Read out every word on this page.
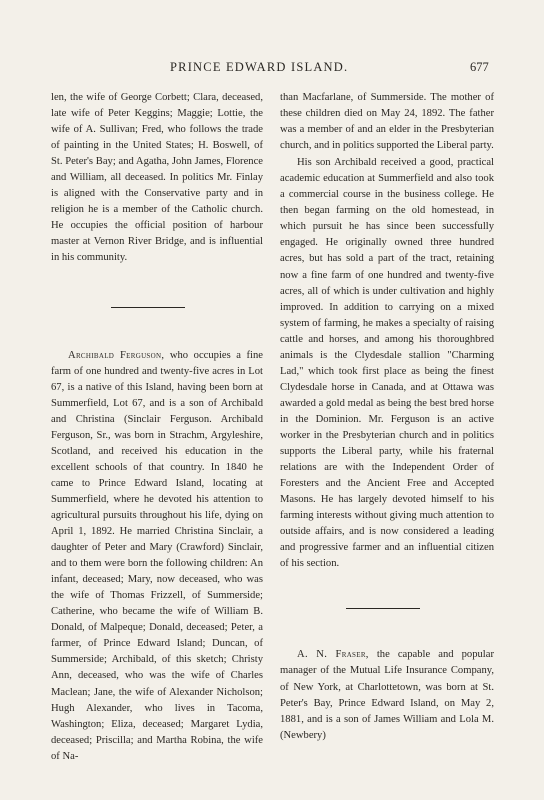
PRINCE EDWARD ISLAND.	677

len, the wife of George Corbett; Clara, deceased, late wife of Peter Keggins; Maggie; Lottie, the wife of A. Sullivan; Fred, who follows the trade of painting in the United States; H. Boswell, of St. Peter's Bay; and Agatha, John James, Florence and William, all deceased. In politics Mr. Finlay is aligned with the Conservative party and in religion he is a member of the Catholic church. He occupies the official position of harbour master at Vernon River Bridge, and is influential in his community.

Archibald Ferguson, who occupies a fine farm of one hundred and twenty-five acres in Lot 67, is a native of this Island, having been born at Summerfield, Lot 67, and is a son of Archibald and Christina (Sinclair Ferguson. Archibald Ferguson, Sr., was born in Strachm, Argyleshire, Scotland, and received his education in the excellent schools of that country. In 1840 he came to Prince Edward Island, locating at Summerfield, where he devoted his attention to agricultural pursuits throughout his life, dying on April 1, 1892. He married Christina Sinclair, a daughter of Peter and Mary (Crawford) Sinclair, and to them were born the following children: An infant, deceased; Mary, now deceased, who was the wife of Thomas Frizzell, of Summerside; Catherine, who became the wife of William B. Donald, of Malpeque; Donald, deceased; Peter, a farmer, of Prince Edward Island; Duncan, of Summerside; Archibald, of this sketch; Christy Ann, deceased, who was the wife of Charles Maclean; Jane, the wife of Alexander Nicholson; Hugh Alexander, who lives in Tacoma, Washington; Eliza, deceased; Margaret Lydia, deceased; Priscilla; and Martha Robina, the wife of Na-

than Macfarlane, of Summerside. The mother of these children died on May 24, 1892. The father was a member of and an elder in the Presbyterian church, and in politics supported the Liberal party.

His son Archibald received a good, practical academic education at Summerfield and also took a commercial course in the business college. He then began farming on the old homestead, in which pursuit he has since been successfully engaged. He originally owned three hundred acres, but has sold a part of the tract, retaining now a fine farm of one hundred and twenty-five acres, all of which is under cultivation and highly improved. In addition to carrying on a mixed system of farming, he makes a specialty of raising cattle and horses, and among his thoroughbred animals is the Clydesdale stallion "Charming Lad," which took first place as being the finest Clydesdale horse in Canada, and at Ottawa was awarded a gold medal as being the best bred horse in the Dominion. Mr. Ferguson is an active worker in the Presbyterian church and in politics supports the Liberal party, while his fraternal relations are with the Independent Order of Foresters and the Ancient Free and Accepted Masons. He has largely devoted himself to his farming interests without giving much attention to outside affairs, and is now considered a leading and progressive farmer and an influential citizen of his section.

A. N. Fraser, the capable and popular manager of the Mutual Life Insurance Company, of New York, at Charlottetown, was born at St. Peter's Bay, Prince Edward Island, on May 2, 1881, and is a son of James William and Lola M. (Newbery)
